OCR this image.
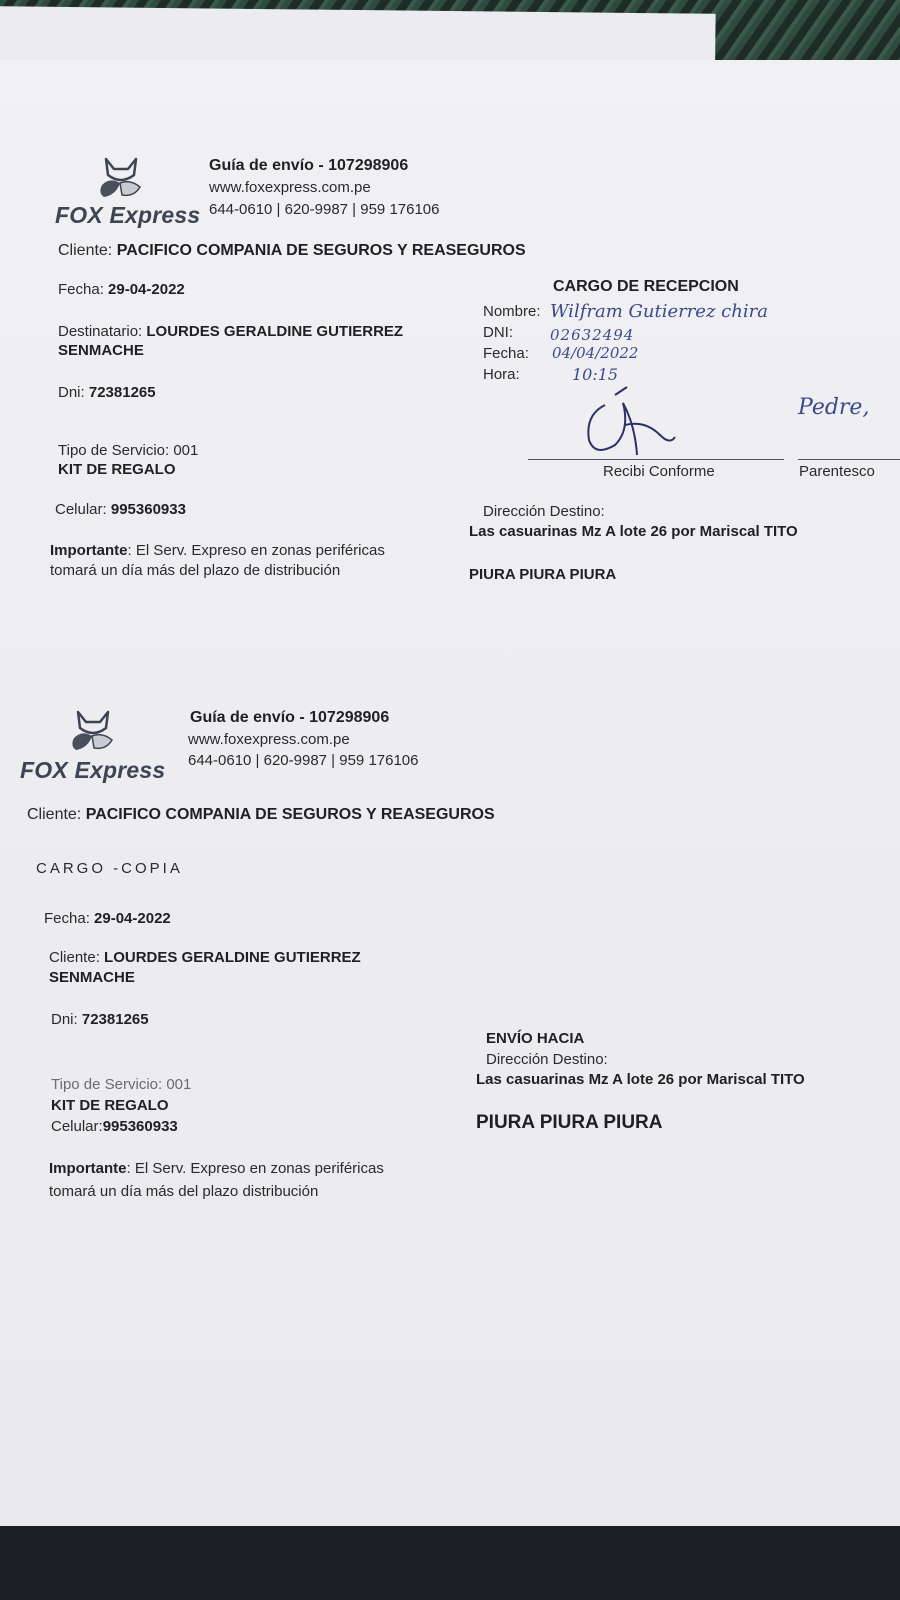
FOX Express
Guía de envío - 107298906
www.foxexpress.com.pe
644-0610 | 620-9987 | 959 176106
Cliente: PACIFICO COMPANIA DE SEGUROS Y REASEGUROS
Fecha: 29-04-2022
Destinatario: LOURDES GERALDINE GUTIERREZ
SENMACHE
Dni: 72381265
Tipo de Servicio: 001
KIT DE REGALO
Celular: 995360933
Importante: El Serv. Expreso en zonas periféricas
tomará un día más del plazo de distribución
CARGO DE RECEPCION
Nombre: Wilfram Gutierrez chira
DNI: 02632494
Fecha: 04/04/2022
Hora:	10:15
Recibi Conforme
Pedre,
Parentesco
Dirección Destino:
Las casuarinas Mz A lote 26 por Mariscal TITO
PIURA PIURA PIURA
FOX Express
Guía de envío - 107298906
www.foxexpress.com.pe
644-0610 | 620-9987 | 959 176106
Cliente: PACIFICO COMPANIA DE SEGUROS Y REASEGUROS
CARGO -COPIA
Fecha: 29-04-2022
Cliente: LOURDES GERALDINE GUTIERREZ
SENMACHE
Dni: 72381265
Tipo de Servicio: 001
KIT DE REGALO
Celular:995360933
Importante: El Serv. Expreso en zonas periféricas
tomará un día más del plazo distribución
ENVÍO HACIA
Dirección Destino:
Las casuarinas Mz A lote 26 por Mariscal TITO
PIURA PIURA PIURA
